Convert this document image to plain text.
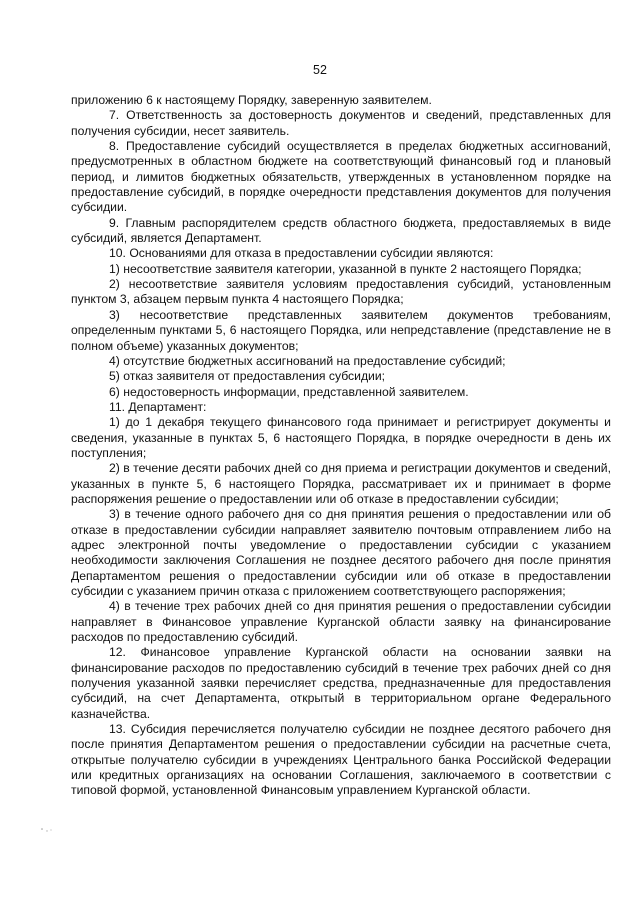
52

приложению 6 к настоящему Порядку, заверенную заявителем.

7. Ответственность за достоверность документов и сведений, представленных для получения субсидии, несет заявитель.

8. Предоставление субсидий осуществляется в пределах бюджетных ассигнований, предусмотренных в областном бюджете на соответствующий финансовый год и плановый период, и лимитов бюджетных обязательств, утвержденных в установленном порядке на предоставление субсидий, в порядке очередности представления документов для получения субсидии.

9. Главным распорядителем средств областного бюджета, предоставляемых в виде субсидий, является Департамент.

10. Основаниями для отказа в предоставлении субсидии являются:

1) несоответствие заявителя категории, указанной в пункте 2 настоящего Порядка;

2) несоответствие заявителя условиям предоставления субсидий, установленным пунктом 3, абзацем первым пункта 4 настоящего Порядка;

3) несоответствие представленных заявителем документов требованиям, определенным пунктами 5, 6 настоящего Порядка, или непредставление (представление не в полном объеме) указанных документов;

4) отсутствие бюджетных ассигнований на предоставление субсидий;

5) отказ заявителя от предоставления субсидии;

6) недостоверность информации, представленной заявителем.

11. Департамент:

1) до 1 декабря текущего финансового года принимает и регистрирует документы и сведения, указанные в пунктах 5, 6 настоящего Порядка, в порядке очередности в день их поступления;

2) в течение десяти рабочих дней со дня приема и регистрации документов и сведений, указанных в пункте 5, 6 настоящего Порядка, рассматривает их и принимает в форме распоряжения решение о предоставлении или об отказе в предоставлении субсидии;

3) в течение одного рабочего дня со дня принятия решения о предоставлении или об отказе в предоставлении субсидии направляет заявителю почтовым отправлением либо на адрес электронной почты уведомление о предоставлении субсидии с указанием необходимости заключения Соглашения не позднее десятого рабочего дня после принятия Департаментом решения о предоставлении субсидии или об отказе в предоставлении субсидии с указанием причин отказа с приложением соответствующего распоряжения;

4) в течение трех рабочих дней со дня принятия решения о предоставлении субсидии направляет в Финансовое управление Курганской области заявку на финансирование расходов по предоставлению субсидий.

12. Финансовое управление Курганской области на основании заявки на финансирование расходов по предоставлению субсидий в течение трех рабочих дней со дня получения указанной заявки перечисляет средства, предназначенные для предоставления субсидий, на счет Департамента, открытый в территориальном органе Федерального казначейства.

13. Субсидия перечисляется получателю субсидии не позднее десятого рабочего дня после принятия Департаментом решения о предоставлении субсидии на расчетные счета, открытые получателю субсидии в учреждениях Центрального банка Российской Федерации или кредитных организациях на основании Соглашения, заключаемого в соответствии с типовой формой, установленной Финансовым управлением Курганской области.
